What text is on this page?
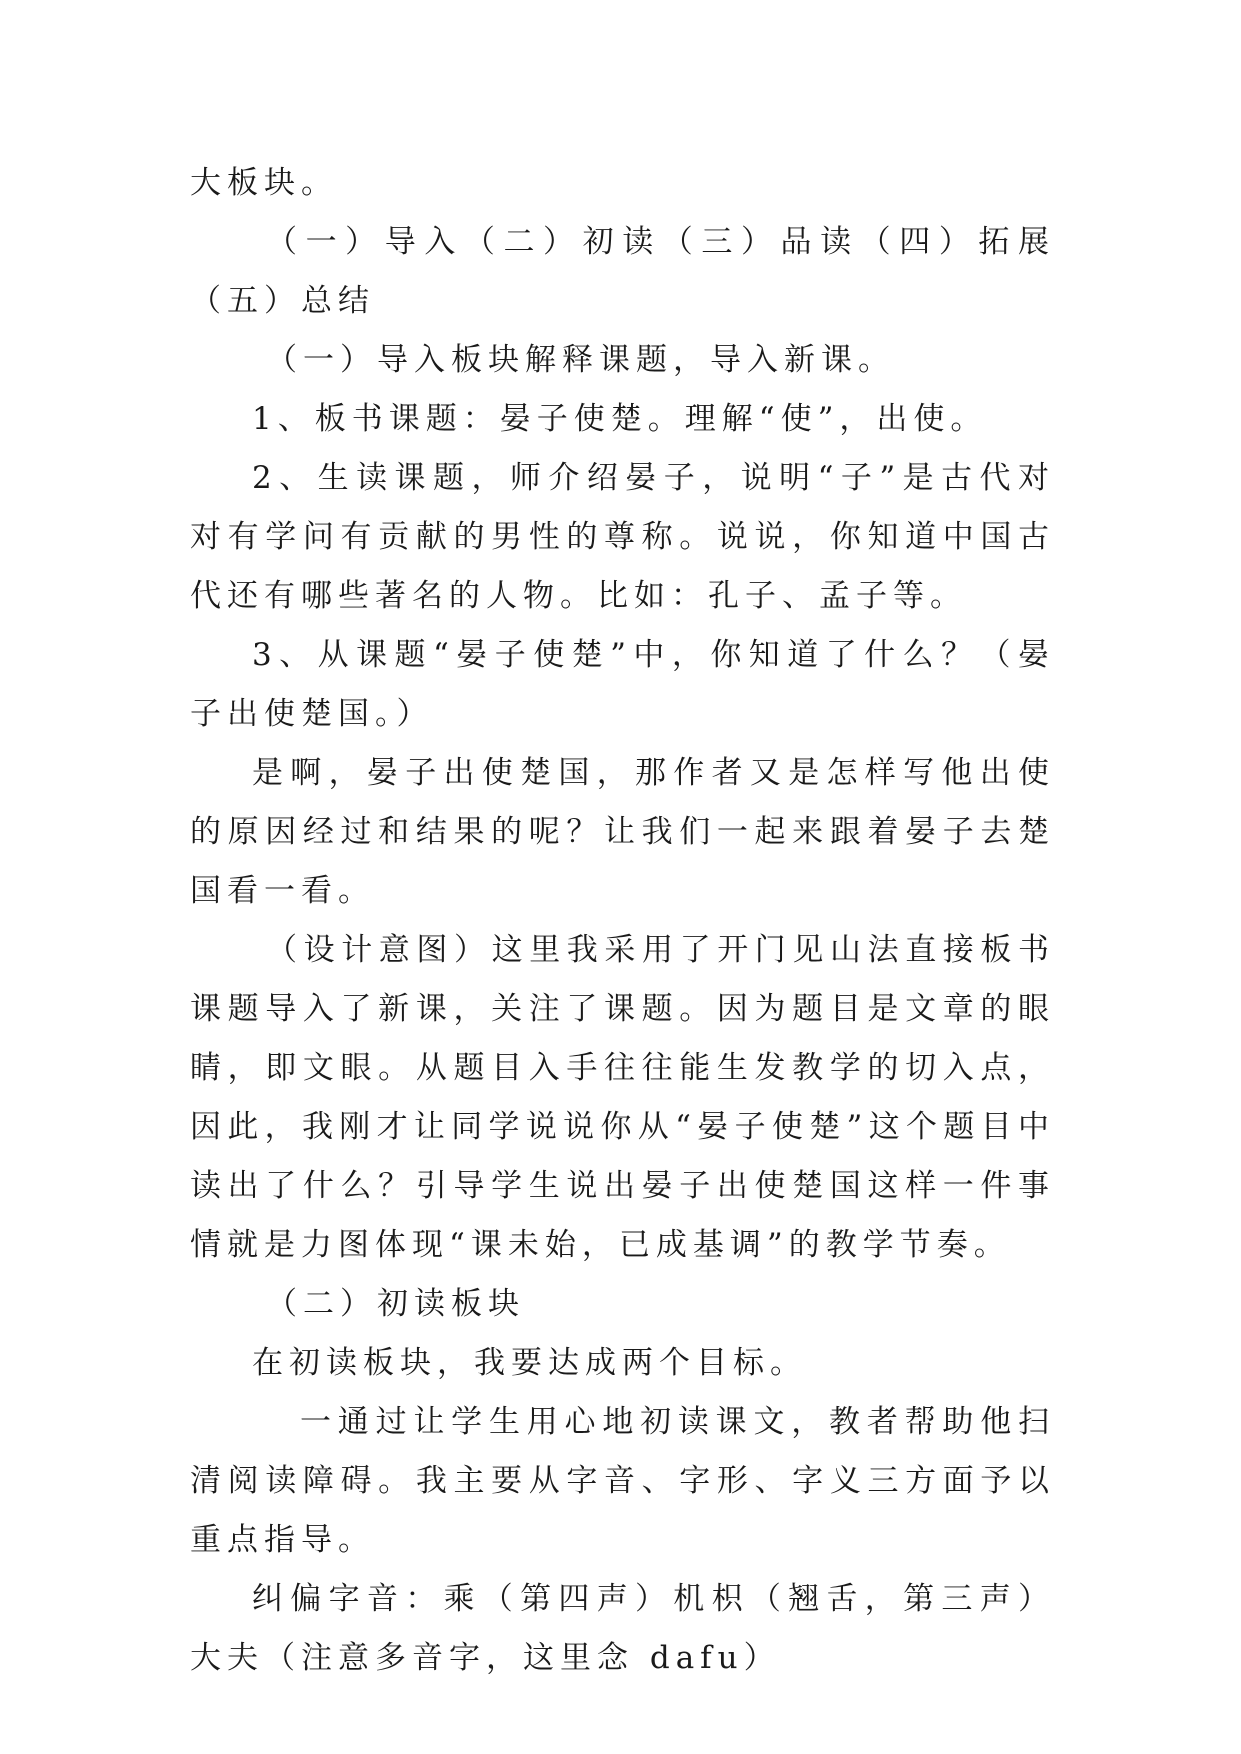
大板块。

（一）导入（二）初读（三）品读（四）拓展（五）总结

（一）导入板块解释课题，导入新课。

1、板书课题：晏子使楚。理解“使”，出使。

2、生读课题，师介绍晏子，说明“子”是古代对对有学问有贡献的男性的尊称。说说，你知道中国古代还有哪些著名的人物。比如：孔子、孟子等。

3、从课题“晏子使楚”中，你知道了什么？（晏子出使楚国。）

是啊，晏子出使楚国，那作者又是怎样写他出使的原因经过和结果的呢？让我们一起来跟着晏子去楚国看一看。

（设计意图）这里我采用了开门见山法直接板书课题导入了新课，关注了课题。因为题目是文章的眼睛，即文眼。从题目入手往往能生发教学的切入点，因此，我刚才让同学说说你从“晏子使楚”这个题目中读出了什么？引导学生说出晏子出使楚国这样一件事情就是力图体现“课未始，已成基调”的教学节奏。

（二）初读板块

在初读板块，我要达成两个目标。

一通过让学生用心地初读课文，教者帮助他扫清阅读障碍。我主要从字音、字形、字义三方面予以重点指导。

纠偏字音：乘（第四声）机枳（翘舌，第三声）大夫（注意多音字，这里念 dafu）
